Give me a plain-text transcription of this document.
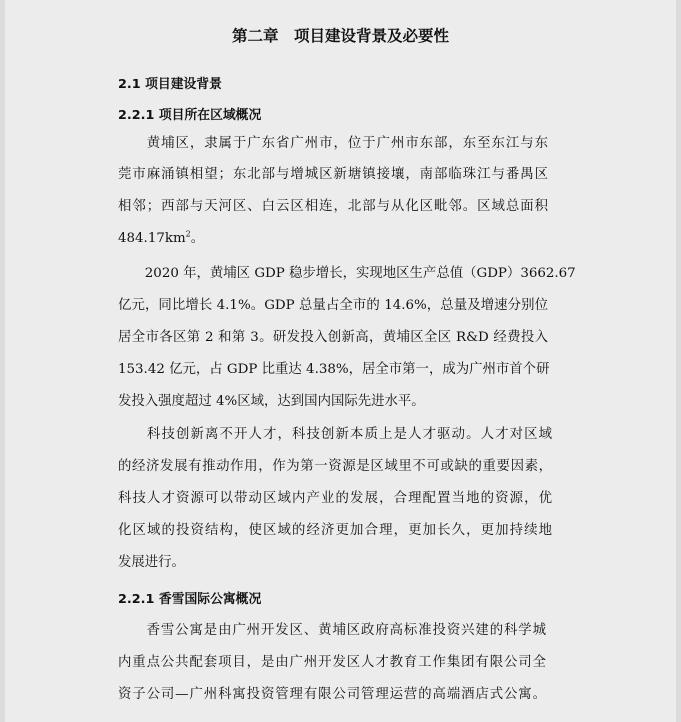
第二章　项目建设背景及必要性
2.1 项目建设背景
2.2.1 项目所在区域概况
　　黄埔区，隶属于广东省广州市，位于广州市东部，东至东江与东
莞市麻涌镇相望；东北部与增城区新塘镇接壤，南部临珠江与番禺区
相邻；西部与天河区、白云区相连，北部与从化区毗邻。区域总面积
$484.17km^2$。
　　2020 年，黄埔区 GDP 稳步增长，实现地区生产总值（GDP）3662.67
亿元，同比增长 4.1%。GDP 总量占全市的 14.6%，总量及增速分别位
居全市各区第 2 和第 3。研发投入创新高，黄埔区全区 R&D 经费投入
153.42 亿元，占 GDP 比重达 4.38%，居全市第一，成为广州市首个研
发投入强度超过 4%区域，达到国内国际先进水平。
　　科技创新离不开人才，科技创新本质上是人才驱动。人才对区域
的经济发展有推动作用，作为第一资源是区域里不可或缺的重要因素，
科技人才资源可以带动区域内产业的发展，合理配置当地的资源，优
化区域的投资结构，使区域的经济更加合理，更加长久，更加持续地
发展进行。
2.2.1 香雪国际公寓概况
　　香雪公寓是由广州开发区、黄埔区政府高标准投资兴建的科学城
内重点公共配套项目，是由广州开发区人才教育工作集团有限公司全
资子公司—广州科寓投资管理有限公司管理运营的高端酒店式公寓。
